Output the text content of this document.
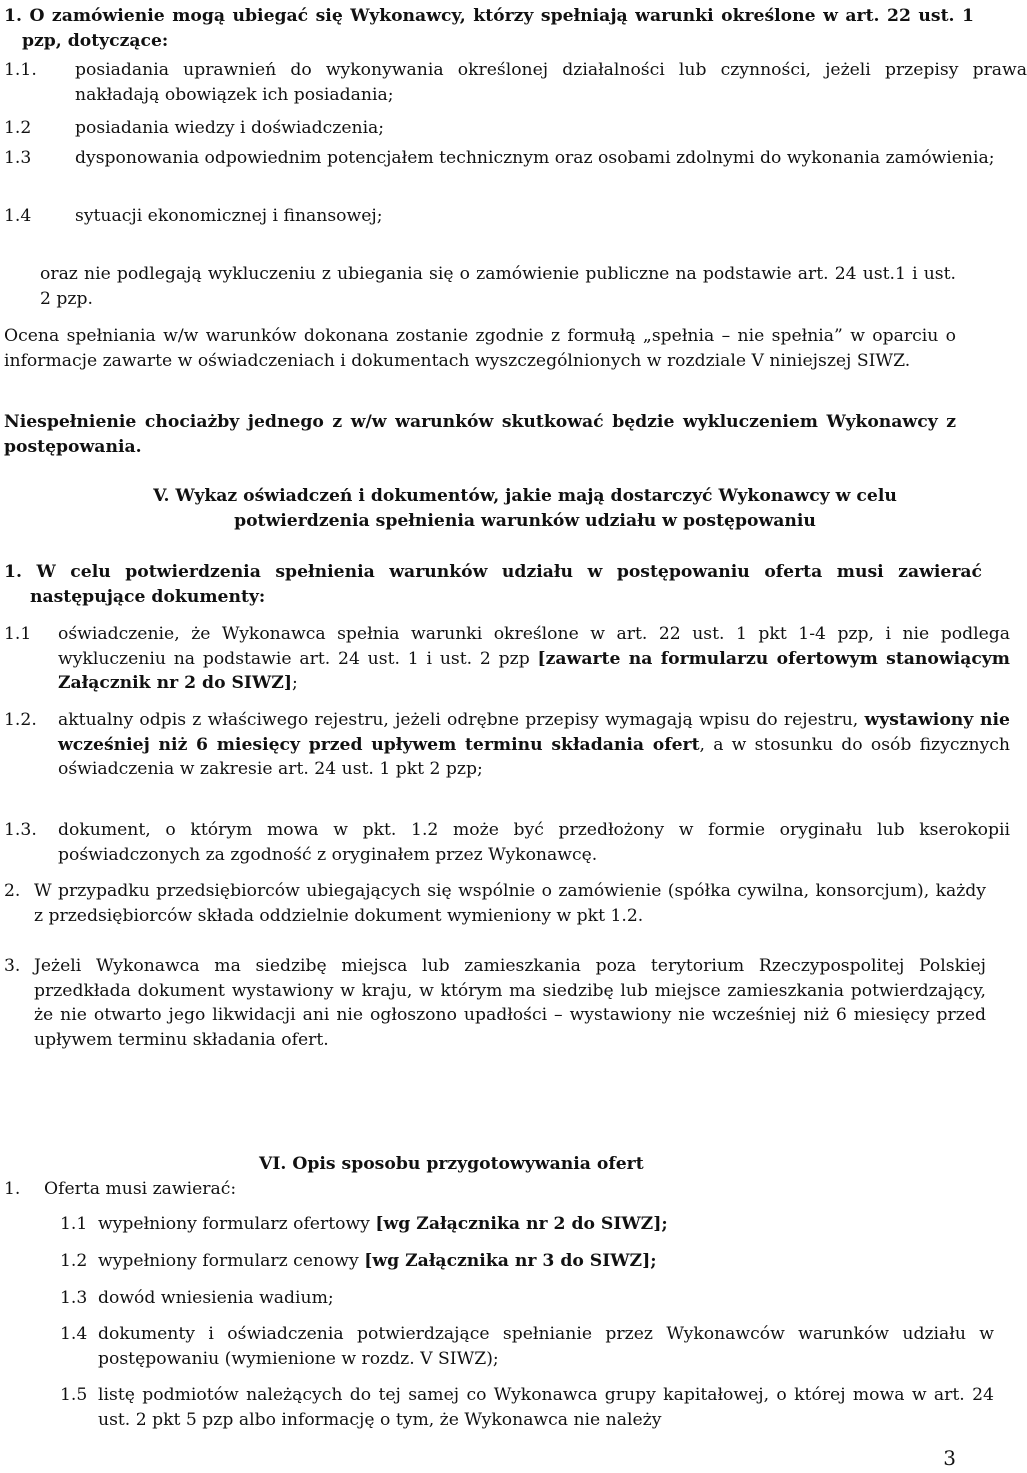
1. O zamówienie mogą ubiegać się Wykonawcy, którzy spełniają warunki określone w art. 22 ust. 1 pzp, dotyczące:
1.1. posiadania uprawnień do wykonywania określonej działalności lub czynności, jeżeli przepisy prawa nakładają obowiązek ich posiadania;
1.2	posiadania wiedzy i doświadczenia;
1.3	dysponowania odpowiednim potencjałem technicznym oraz osobami zdolnymi do wykonania zamówienia;
1.4	sytuacji ekonomicznej i finansowej;
oraz nie podlegają wykluczeniu z ubiegania się o zamówienie publiczne na podstawie art. 24 ust.1 i ust. 2 pzp.
Ocena spełniania w/w warunków dokonana zostanie zgodnie z formułą „spełnia – nie spełnia” w oparciu o informacje zawarte w oświadczeniach i dokumentach wyszczególnionych w rozdziale V niniejszej SIWZ.
Niespełnienie chociażby jednego z w/w warunków skutkować będzie wykluczeniem Wykonawcy z postępowania.
V. Wykaz oświadczeń i dokumentów, jakie mają dostarczyć Wykonawcy w celu potwierdzenia spełnienia warunków udziału w postępowaniu
1. W celu potwierdzenia spełnienia warunków udziału w postępowaniu oferta musi zawierać następujące dokumenty:
1.1 oświadczenie, że Wykonawca spełnia warunki określone w art. 22 ust. 1 pkt 1-4 pzp, i nie podlega wykluczeniu na podstawie art. 24 ust. 1 i ust. 2 pzp [zawarte na formularzu ofertowym stanowiącym Załącznik nr 2 do SIWZ];
1.2. aktualny odpis z właściwego rejestru, jeżeli odrębne przepisy wymagają wpisu do rejestru, wystawiony nie wcześniej niż 6 miesięcy przed upływem terminu składania ofert, a w stosunku do osób fizycznych oświadczenia w zakresie art. 24 ust. 1 pkt 2 pzp;
1.3. dokument, o którym mowa w pkt. 1.2 może być przedłożony w formie oryginału lub kserokopii poświadczonych za zgodność z oryginałem przez Wykonawcę.
2. W przypadku przedsiębiorców ubiegających się wspólnie o zamówienie (spółka cywilna, konsorcjum), każdy z przedsiębiorców składa oddzielnie dokument wymieniony w pkt 1.2.
3. Jeżeli Wykonawca ma siedzibę miejsca lub zamieszkania poza terytorium Rzeczypospolitej Polskiej przedkłada dokument wystawiony w kraju, w którym ma siedzibę lub miejsce zamieszkania potwierdzający, że nie otwarto jego likwidacji ani nie ogłoszono upadłości – wystawiony nie wcześniej niż 6 miesięcy przed upływem terminu składania ofert.
VI. Opis sposobu przygotowywania ofert
1. Oferta musi zawierać:
1.1 wypełniony formularz ofertowy [wg Załącznika nr 2 do SIWZ];
1.2 wypełniony formularz cenowy [wg Załącznika nr 3 do SIWZ];
1.3 dowód wniesienia wadium;
1.4 dokumenty i oświadczenia potwierdzające spełnianie przez Wykonawców warunków udziału w postępowaniu (wymienione w rozdz. V SIWZ);
1.5 listę podmiotów należących do tej samej co Wykonawca grupy kapitałowej, o której mowa w art. 24 ust. 2 pkt 5 pzp albo informację o tym, że Wykonawca nie należy
3
